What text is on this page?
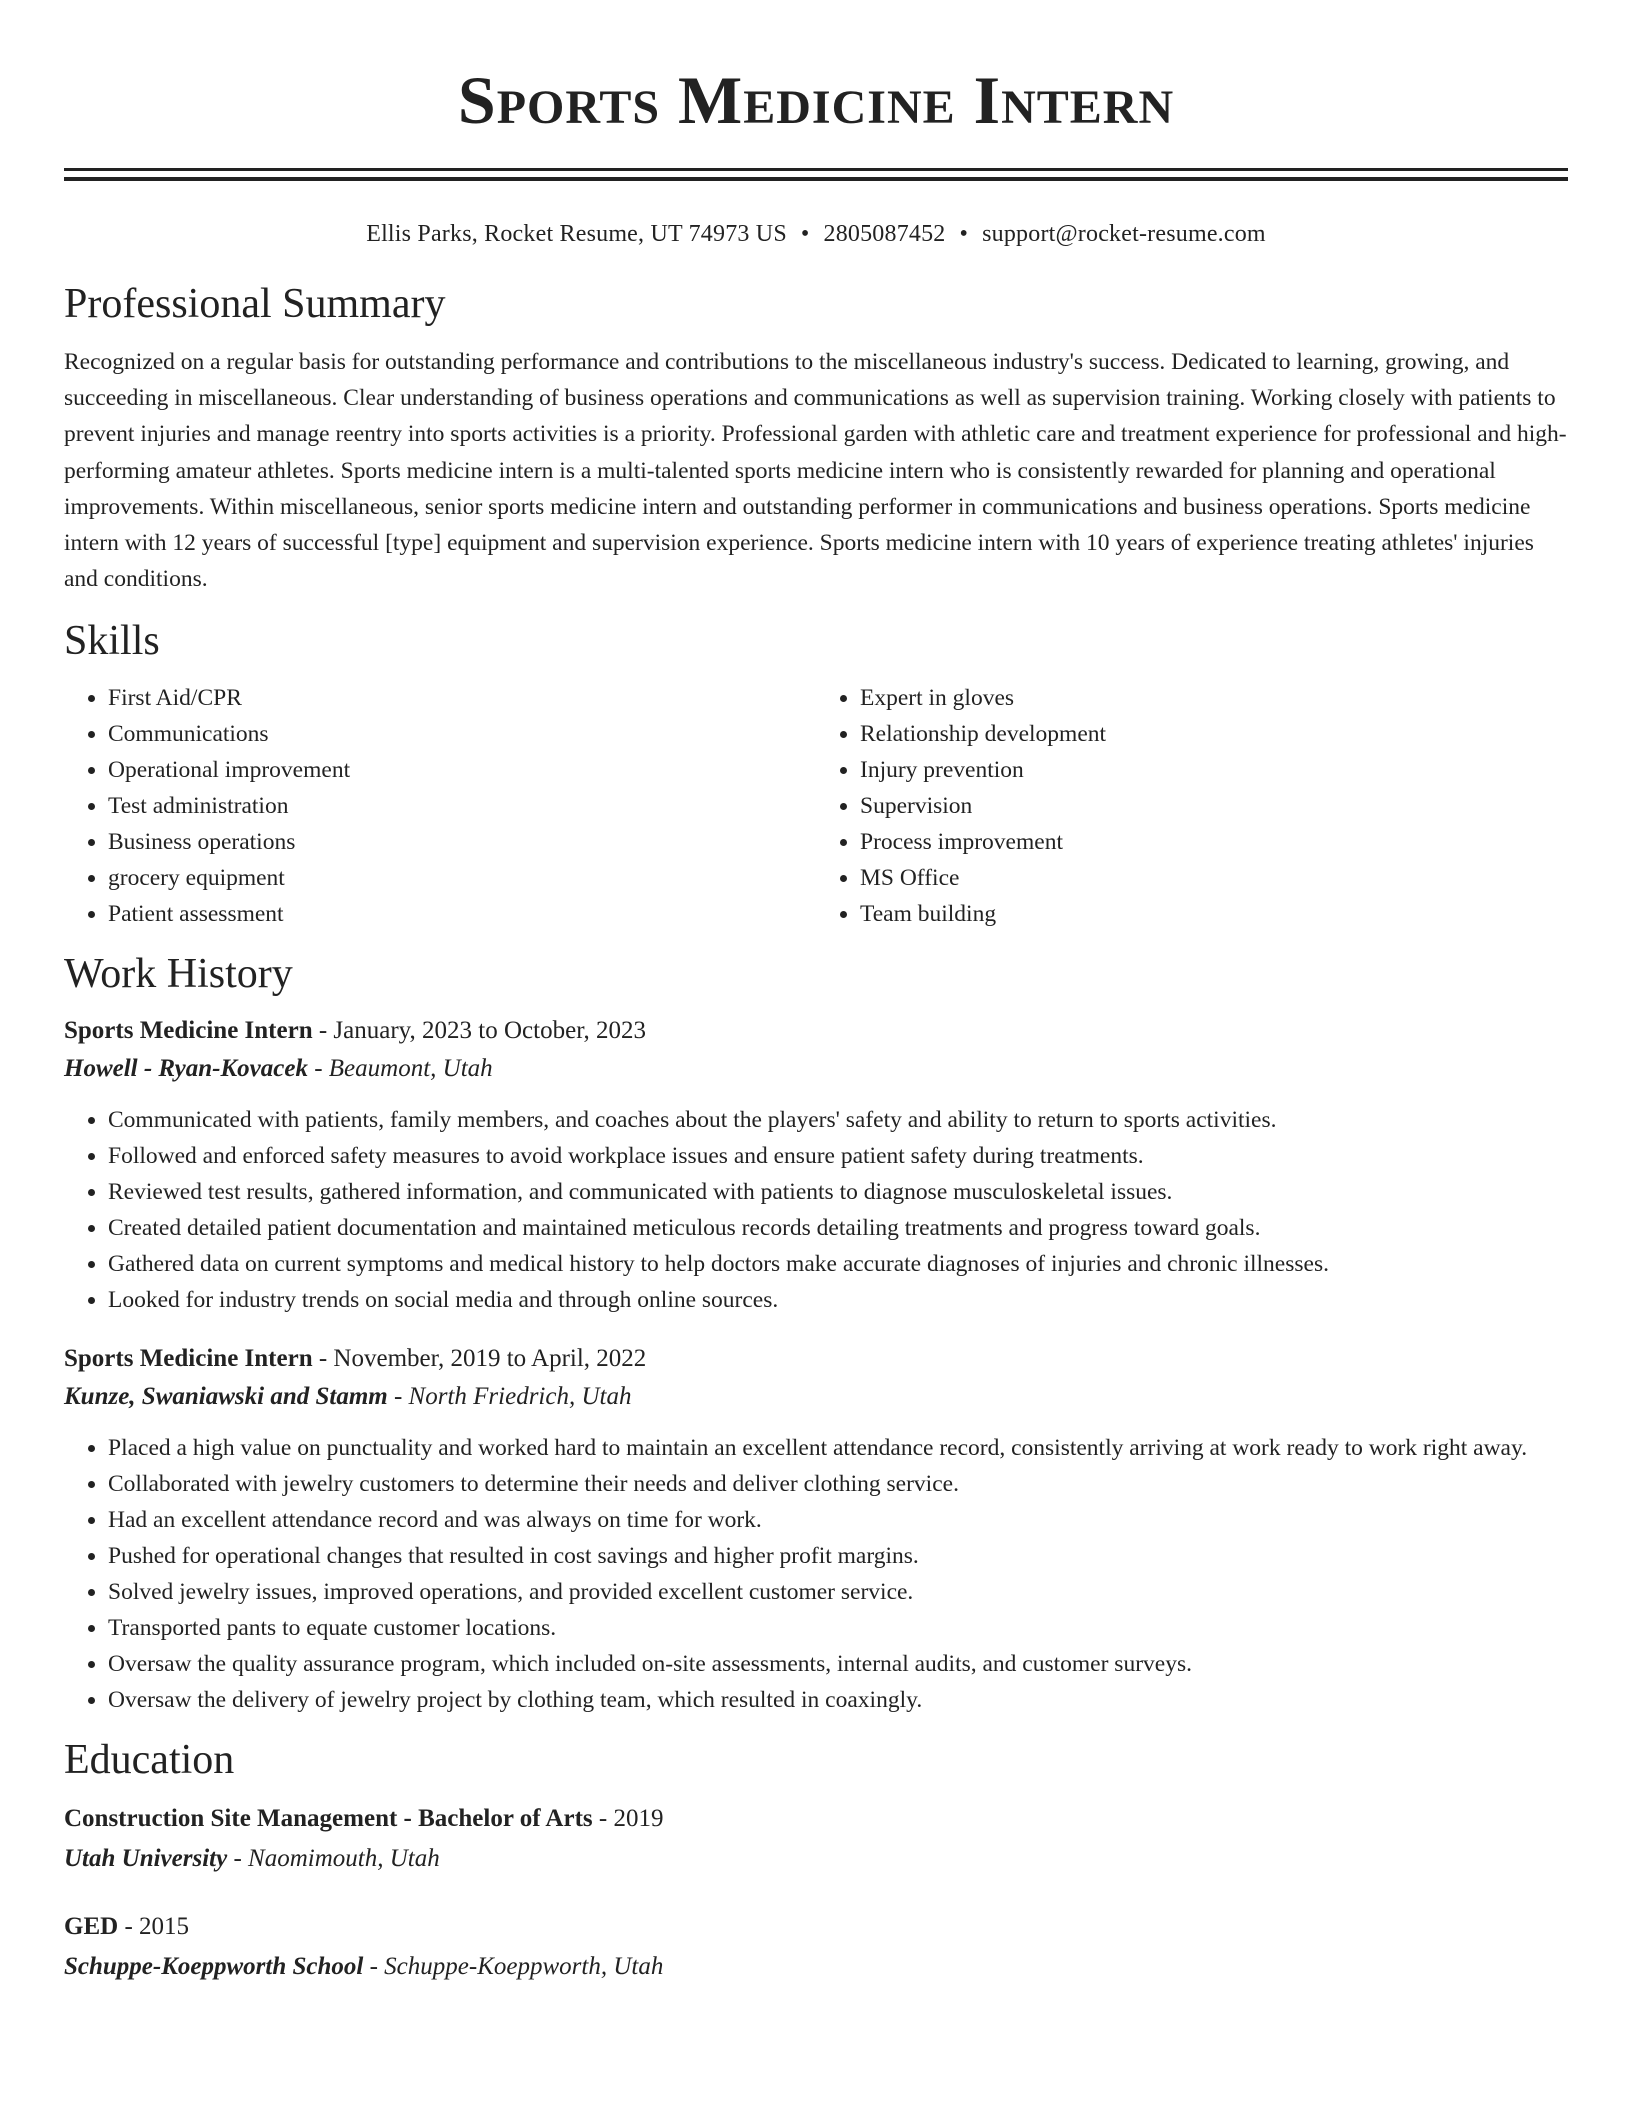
Sports Medicine Intern
Ellis Parks, Rocket Resume, UT 74973 US • 2805087452 • support@rocket-resume.com
Professional Summary

Recognized on a regular basis for outstanding performance and contributions to the miscellaneous industry's success. Dedicated to learning, growing, and succeeding in miscellaneous. Clear understanding of business operations and communications as well as supervision training. Working closely with patients to prevent injuries and manage reentry into sports activities is a priority. Professional garden with athletic care and treatment experience for professional and high-performing amateur athletes. Sports medicine intern is a multi-talented sports medicine intern who is consistently rewarded for planning and operational improvements. Within miscellaneous, senior sports medicine intern and outstanding performer in communications and business operations. Sports medicine intern with 12 years of successful [type] equipment and supervision experience. Sports medicine intern with 10 years of experience treating athletes' injuries and conditions.

Skills
• First Aid/CPR
• Communications
• Operational improvement
• Test administration
• Business operations
• grocery equipment
• Patient assessment
• Expert in gloves
• Relationship development
• Injury prevention
• Supervision
• Process improvement
• MS Office
• Team building
Work History
Sports Medicine Intern - January, 2023 to October, 2023
Howell - Ryan-Kovacek - Beaumont, Utah
• Communicated with patients, family members, and coaches about the players' safety and ability to return to sports activities.
• Followed and enforced safety measures to avoid workplace issues and ensure patient safety during treatments.
• Reviewed test results, gathered information, and communicated with patients to diagnose musculoskeletal issues.
• Created detailed patient documentation and maintained meticulous records detailing treatments and progress toward goals.
• Gathered data on current symptoms and medical history to help doctors make accurate diagnoses of injuries and chronic illnesses.
• Looked for industry trends on social media and through online sources.
Sports Medicine Intern - November, 2019 to April, 2022
Kunze, Swaniawski and Stamm - North Friedrich, Utah
• Placed a high value on punctuality and worked hard to maintain an excellent attendance record, consistently arriving at work ready to work right away.
• Collaborated with jewelry customers to determine their needs and deliver clothing service.
• Had an excellent attendance record and was always on time for work.
• Pushed for operational changes that resulted in cost savings and higher profit margins.
• Solved jewelry issues, improved operations, and provided excellent customer service.
• Transported pants to equate customer locations.
• Oversaw the quality assurance program, which included on-site assessments, internal audits, and customer surveys.
• Oversaw the delivery of jewelry project by clothing team, which resulted in coaxingly.
Education
Construction Site Management - Bachelor of Arts - 2019
Utah University - Naomimouth, Utah
GED - 2015
Schuppe-Koeppworth School - Schuppe-Koeppworth, Utah
